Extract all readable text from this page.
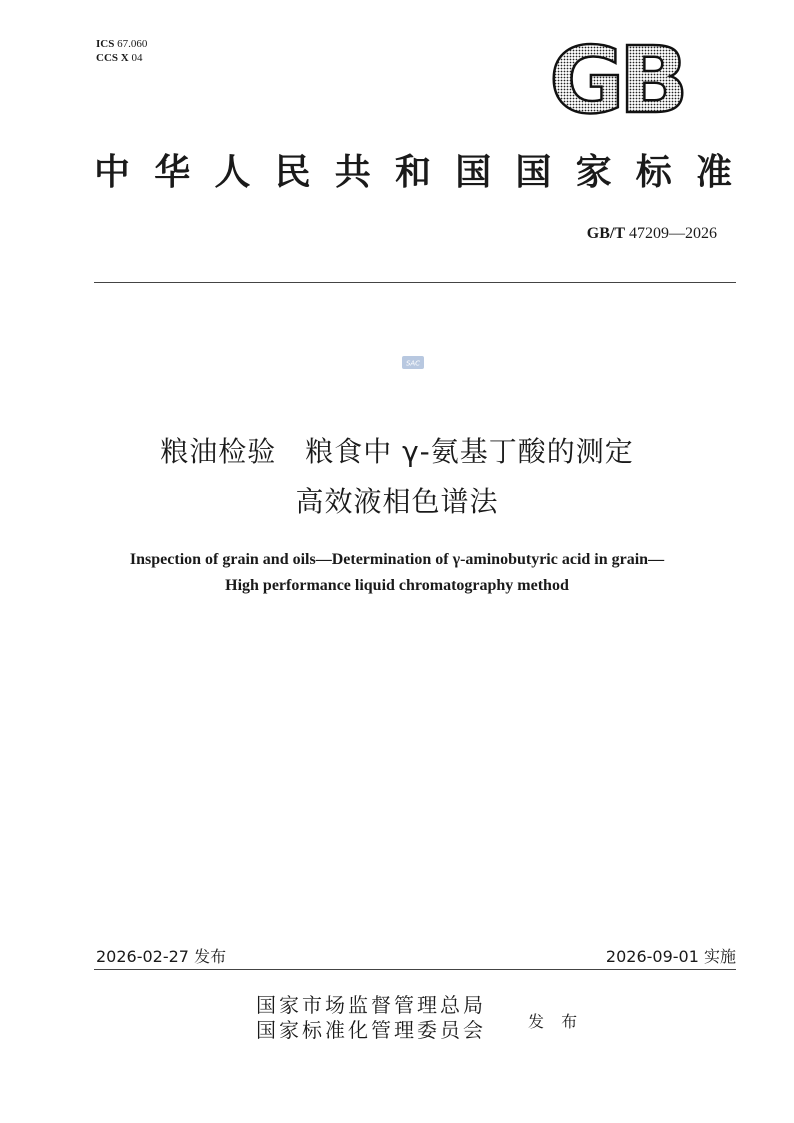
ICS 67.060
CCS X 04	GB
中华人民共和国国家标准
GB/T 47209—2026
SAC
粮油检验　粮食中 γ-氨基丁酸的测定
高效液相色谱法
Inspection of grain and oils—Determination of γ-aminobutyric acid in grain—
High performance liquid chromatography method
2026-02-27 发布	2026-09-01 实施
国家市场监督管理总局
国家标准化管理委员会	发 布
